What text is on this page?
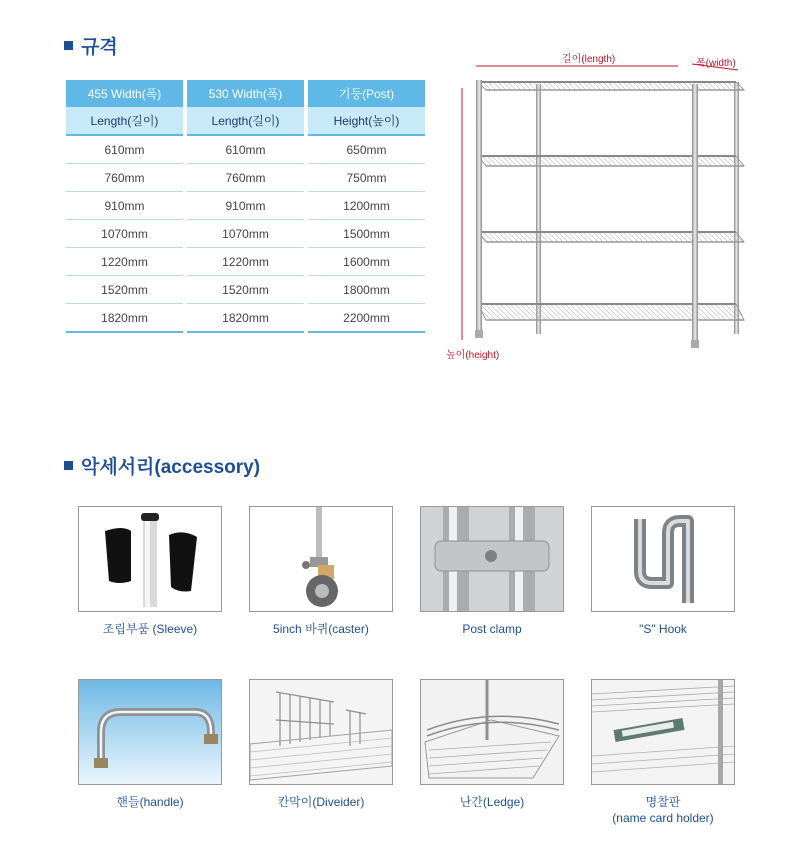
규격
455 Width(폭)	530 Width(폭)	기둥(Post)
Length(길이)	Length(길이)	Height(높이)
610mm	610mm	650mm
760mm	760mm	750mm
910mm	910mm	1200mm
1070mm	1070mm	1500mm
1220mm	1220mm	1600mm
1520mm	1520mm	1800mm
1820mm	1820mm	2200mm
길이(length)	폭(width)
높이(height)
악세서리(accessory)
조립부품 (Sleeve)	5inch 바퀴(caster)	Post clamp	"S" Hook
핸들(handle)	칸막이(Diveider)	난간(Ledge)	명찰판
(name card holder)
